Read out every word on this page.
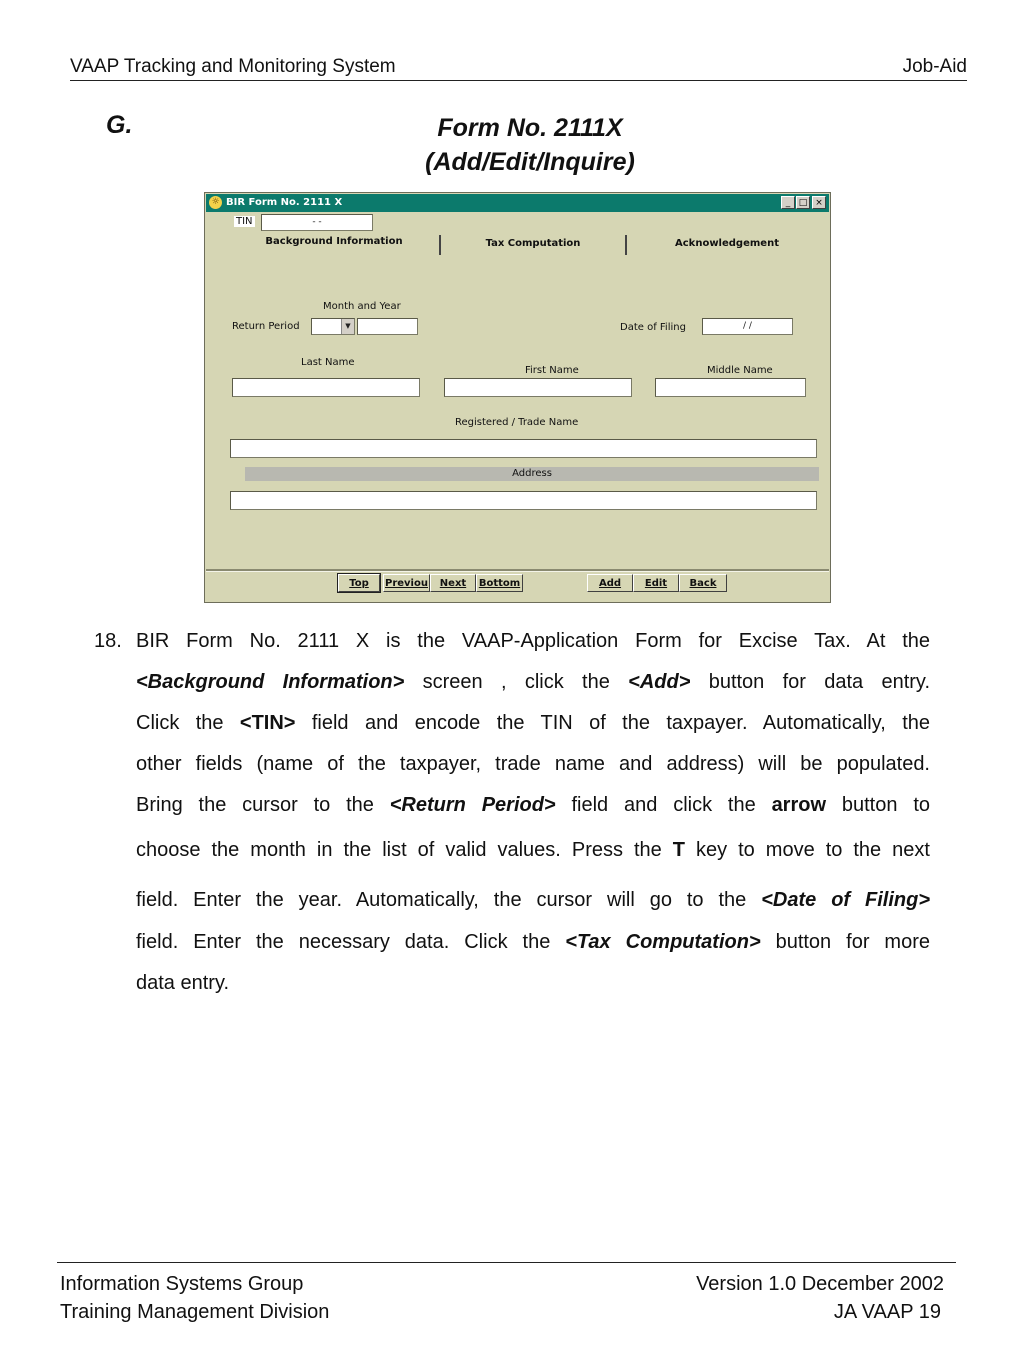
VAAP Tracking and Monitoring System	Job-Aid
G.	Form No. 2111X
(Add/Edit/Inquire)
☼ BIR Form No. 2111 X	_ □ ×
TIN	- -
Background Information	Tax Computation	Acknowledgement
Month and Year
Return Period	▼	Date of Filing	/ /
Last Name
First Name	Middle Name
Registered / Trade Name
Address
Top	Previou	Next	Bottom	Add	Edit	Back
18. BIR Form No. 2111 X is the VAAP-Application Form for Excise Tax. At the
<Background Information> screen , click the <Add> button for data entry.
Click the <TIN> field and encode the TIN of the taxpayer. Automatically, the
other fields (name of the taxpayer, trade name and address) will be populated.
Bring the cursor to the <Return Period> field and click the arrow button to
choose the month in the list of valid values. Press the T key to move to the next
field. Enter the year. Automatically, the cursor will go to the <Date of Filing>
field. Enter the necessary data. Click the <Tax Computation> button for more
data entry.
Information Systems Group
Training Management Division
Version 1.0 December 2002
JA VAAP 19
